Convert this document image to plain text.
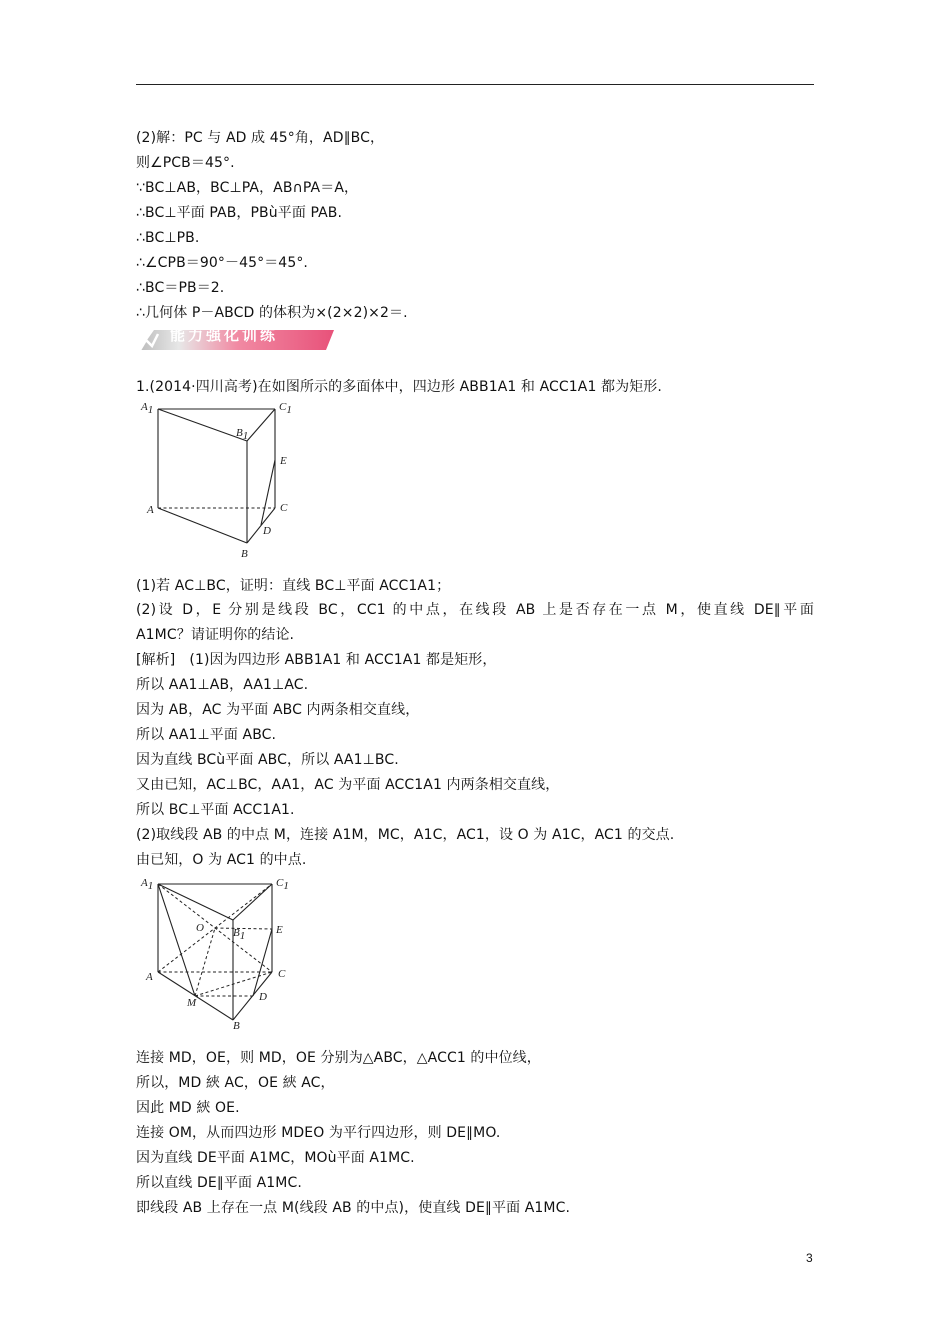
(2)解：PC 与 AD 成 45°角，AD∥BC，
则∠PCB＝45°.
∵BC⊥AB，BC⊥PA，AB∩PA＝A，
∴BC⊥平面 PAB，PBù平面 PAB.
∴BC⊥PB.
∴∠CPB＝90°－45°＝45°.
∴BC＝PB＝2.
∴几何体 P－ABCD 的体积为×(2×2)×2＝.
能力强化训练
1.(2014·四川高考)在如图所示的多面体中，四边形 ABB1A1 和 ACC1A1 都为矩形.
A1	C1
B1
E
A	C
D
B
(1)若 AC⊥BC，证明：直线 BC⊥平面 ACC1A1；
(2)设 D，E 分别是线段 BC，CC1 的中点，在线段 AB 上是否存在一点 M，使直线 DE∥平面
A1MC？请证明你的结论.
[解析]　(1)因为四边形 ABB1A1 和 ACC1A1 都是矩形，
所以 AA1⊥AB，AA1⊥AC.
因为 AB，AC 为平面 ABC 内两条相交直线，
所以 AA1⊥平面 ABC.
因为直线 BCù平面 ABC，所以 AA1⊥BC.
又由已知，AC⊥BC，AA1，AC 为平面 ACC1A1 内两条相交直线，
所以 BC⊥平面 ACC1A1.
(2)取线段 AB 的中点 M，连接 A1M，MC，A1C，AC1，设 O 为 A1C，AC1 的交点.
由已知，O 为 AC1 的中点.
A1	C1
B1
O	E
A	C
M	D
B
连接 MD，OE，则 MD，OE 分别为△ABC，△ACC1 的中位线，
所以，MD 綊 AC，OE 綊 AC，
因此 MD 綊 OE.
连接 OM，从而四边形 MDEO 为平行四边形，则 DE∥MO.
因为直线 DE平面 A1MC，MOù平面 A1MC.
所以直线 DE∥平面 A1MC.
即线段 AB 上存在一点 M(线段 AB 的中点)，使直线 DE∥平面 A1MC.
3
